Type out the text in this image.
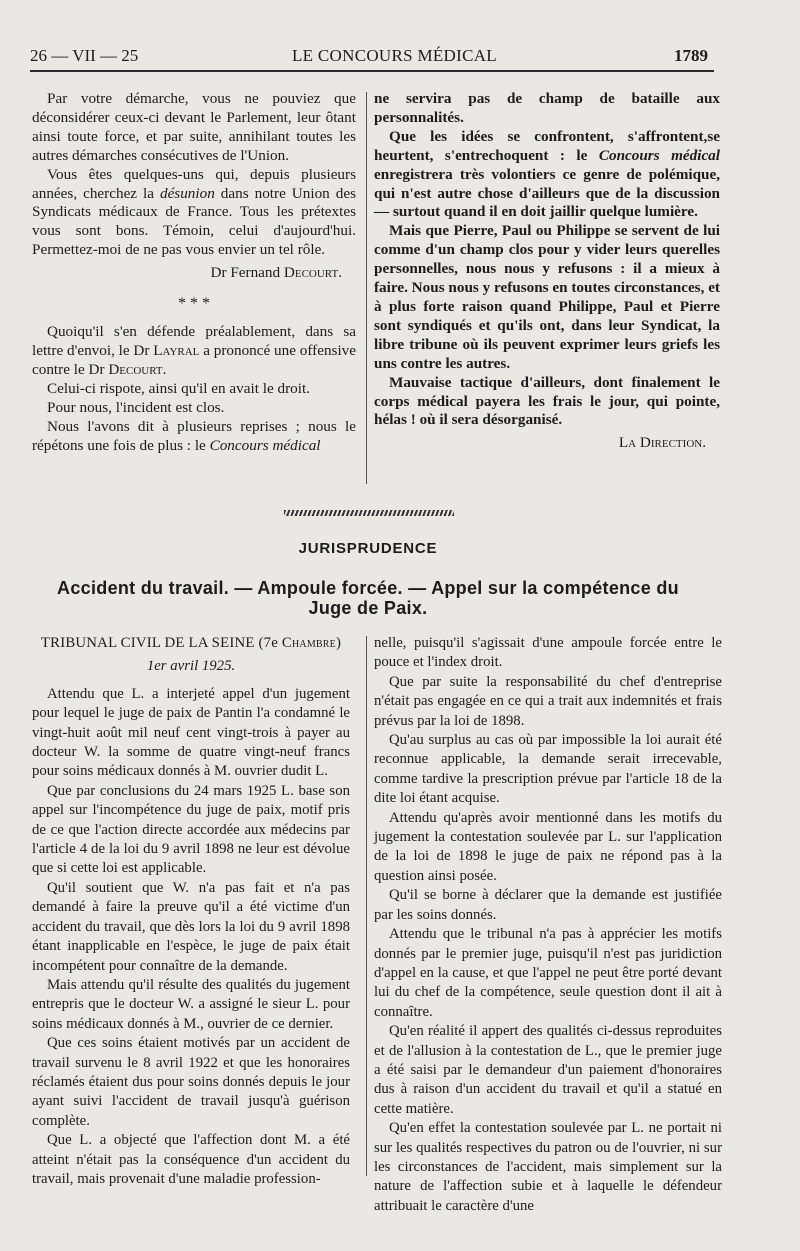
26 — VII — 25	LE CONCOURS MÉDICAL	1789

Par votre démarche, vous ne pouviez que déconsidérer ceux-ci devant le Parlement, leur ôtant ainsi toute force, et par suite, annihilant toutes les autres démarches consécutives de l'Union.

Vous êtes quelques-uns qui, depuis plusieurs années, cherchez la désunion dans notre Union des Syndicats médicaux de France. Tous les prétextes vous sont bons. Témoin, celui d'aujourd'hui. Permettez-moi de ne pas vous envier un tel rôle.

Dr Fernand Decourt.

* * *

Quoiqu'il s'en défende préalablement, dans sa lettre d'envoi, le Dr Layral a prononcé une offensive contre le Dr Decourt.

Celui-ci rispote, ainsi qu'il en avait le droit.

Pour nous, l'incident est clos.

Nous l'avons dit à plusieurs reprises ; nous le répétons une fois de plus : le Concours médical

ne servira pas de champ de bataille aux personnalités.

Que les idées se confrontent, s'affrontent,se heurtent, s'entrechoquent : le Concours médical enregistrera très volontiers ce genre de polémique, qui n'est autre chose d'ailleurs que de la discussion — surtout quand il en doit jaillir quelque lumière.

Mais que Pierre, Paul ou Philippe se servent de lui comme d'un champ clos pour y vider leurs querelles personnelles, nous nous y refusons : il a mieux à faire. Nous nous y refusons en toutes circonstances, et à plus forte raison quand Philippe, Paul et Pierre sont syndiqués et qu'ils ont, dans leur Syndicat, la libre tribune où ils peuvent exprimer leurs griefs les uns contre les autres.

Mauvaise tactique d'ailleurs, dont finalement le corps médical payera les frais le jour, qui pointe, hélas ! où il sera désorganisé.

La Direction.

JURISPRUDENCE
Accident du travail. — Ampoule forcée. — Appel sur la compétence du Juge de Paix.

TRIBUNAL CIVIL DE LA SEINE (7e Chambre)

1er avril 1925.

Attendu que L. a interjeté appel d'un jugement pour lequel le juge de paix de Pantin l'a condamné le vingt-huit août mil neuf cent vingt-trois à payer au docteur W. la somme de quatre vingt-neuf francs pour soins médicaux donnés à M. ouvrier dudit L.

Que par conclusions du 24 mars 1925 L. base son appel sur l'incompétence du juge de paix, motif pris de ce que l'action directe accordée aux médecins par l'article 4 de la loi du 9 avril 1898 ne leur est dévolue que si cette loi est applicable.

Qu'il soutient que W. n'a pas fait et n'a pas demandé à faire la preuve qu'il a été victime d'un accident du travail, que dès lors la loi du 9 avril 1898 étant inapplicable en l'espèce, le juge de paix était incompétent pour connaître de la demande.

Mais attendu qu'il résulte des qualités du jugement entrepris que le docteur W. a assigné le sieur L. pour soins médicaux donnés à M., ouvrier de ce dernier.

Que ces soins étaient motivés par un accident de travail survenu le 8 avril 1922 et que les honoraires réclamés étaient dus pour soins donnés depuis le jour ayant suivi l'accident de travail jusqu'à guérison complète.

Que L. a objecté que l'affection dont M. a été atteint n'était pas la conséquence d'un accident du travail, mais provenait d'une maladie profession-

nelle, puisqu'il s'agissait d'une ampoule forcée entre le pouce et l'index droit.

Que par suite la responsabilité du chef d'entreprise n'était pas engagée en ce qui a trait aux indemnités et frais prévus par la loi de 1898.

Qu'au surplus au cas où par impossible la loi aurait été reconnue applicable, la demande serait irrecevable, comme tardive la prescription prévue par l'article 18 de la dite loi étant acquise.

Attendu qu'après avoir mentionné dans les motifs du jugement la contestation soulevée par L. sur l'application de la loi de 1898 le juge de paix ne répond pas à la question ainsi posée.

Qu'il se borne à déclarer que la demande est justifiée par les soins donnés.

Attendu que le tribunal n'a pas à apprécier les motifs donnés par le premier juge, puisqu'il n'est pas juridiction d'appel en la cause, et que l'appel ne peut être porté devant lui du chef de la compétence, seule question dont il ait à connaître.

Qu'en réalité il appert des qualités ci-dessus reproduites et de l'allusion à la contestation de L., que le premier juge a été saisi par le demandeur d'un paiement d'honoraires dus à raison d'un accident du travail et qu'il a statué en cette matière.

Qu'en effet la contestation soulevée par L. ne portait ni sur les qualités respectives du patron ou de l'ouvrier, ni sur les circonstances de l'accident, mais simplement sur la nature de l'affection subie et à laquelle le défendeur attribuait le caractère d'une
